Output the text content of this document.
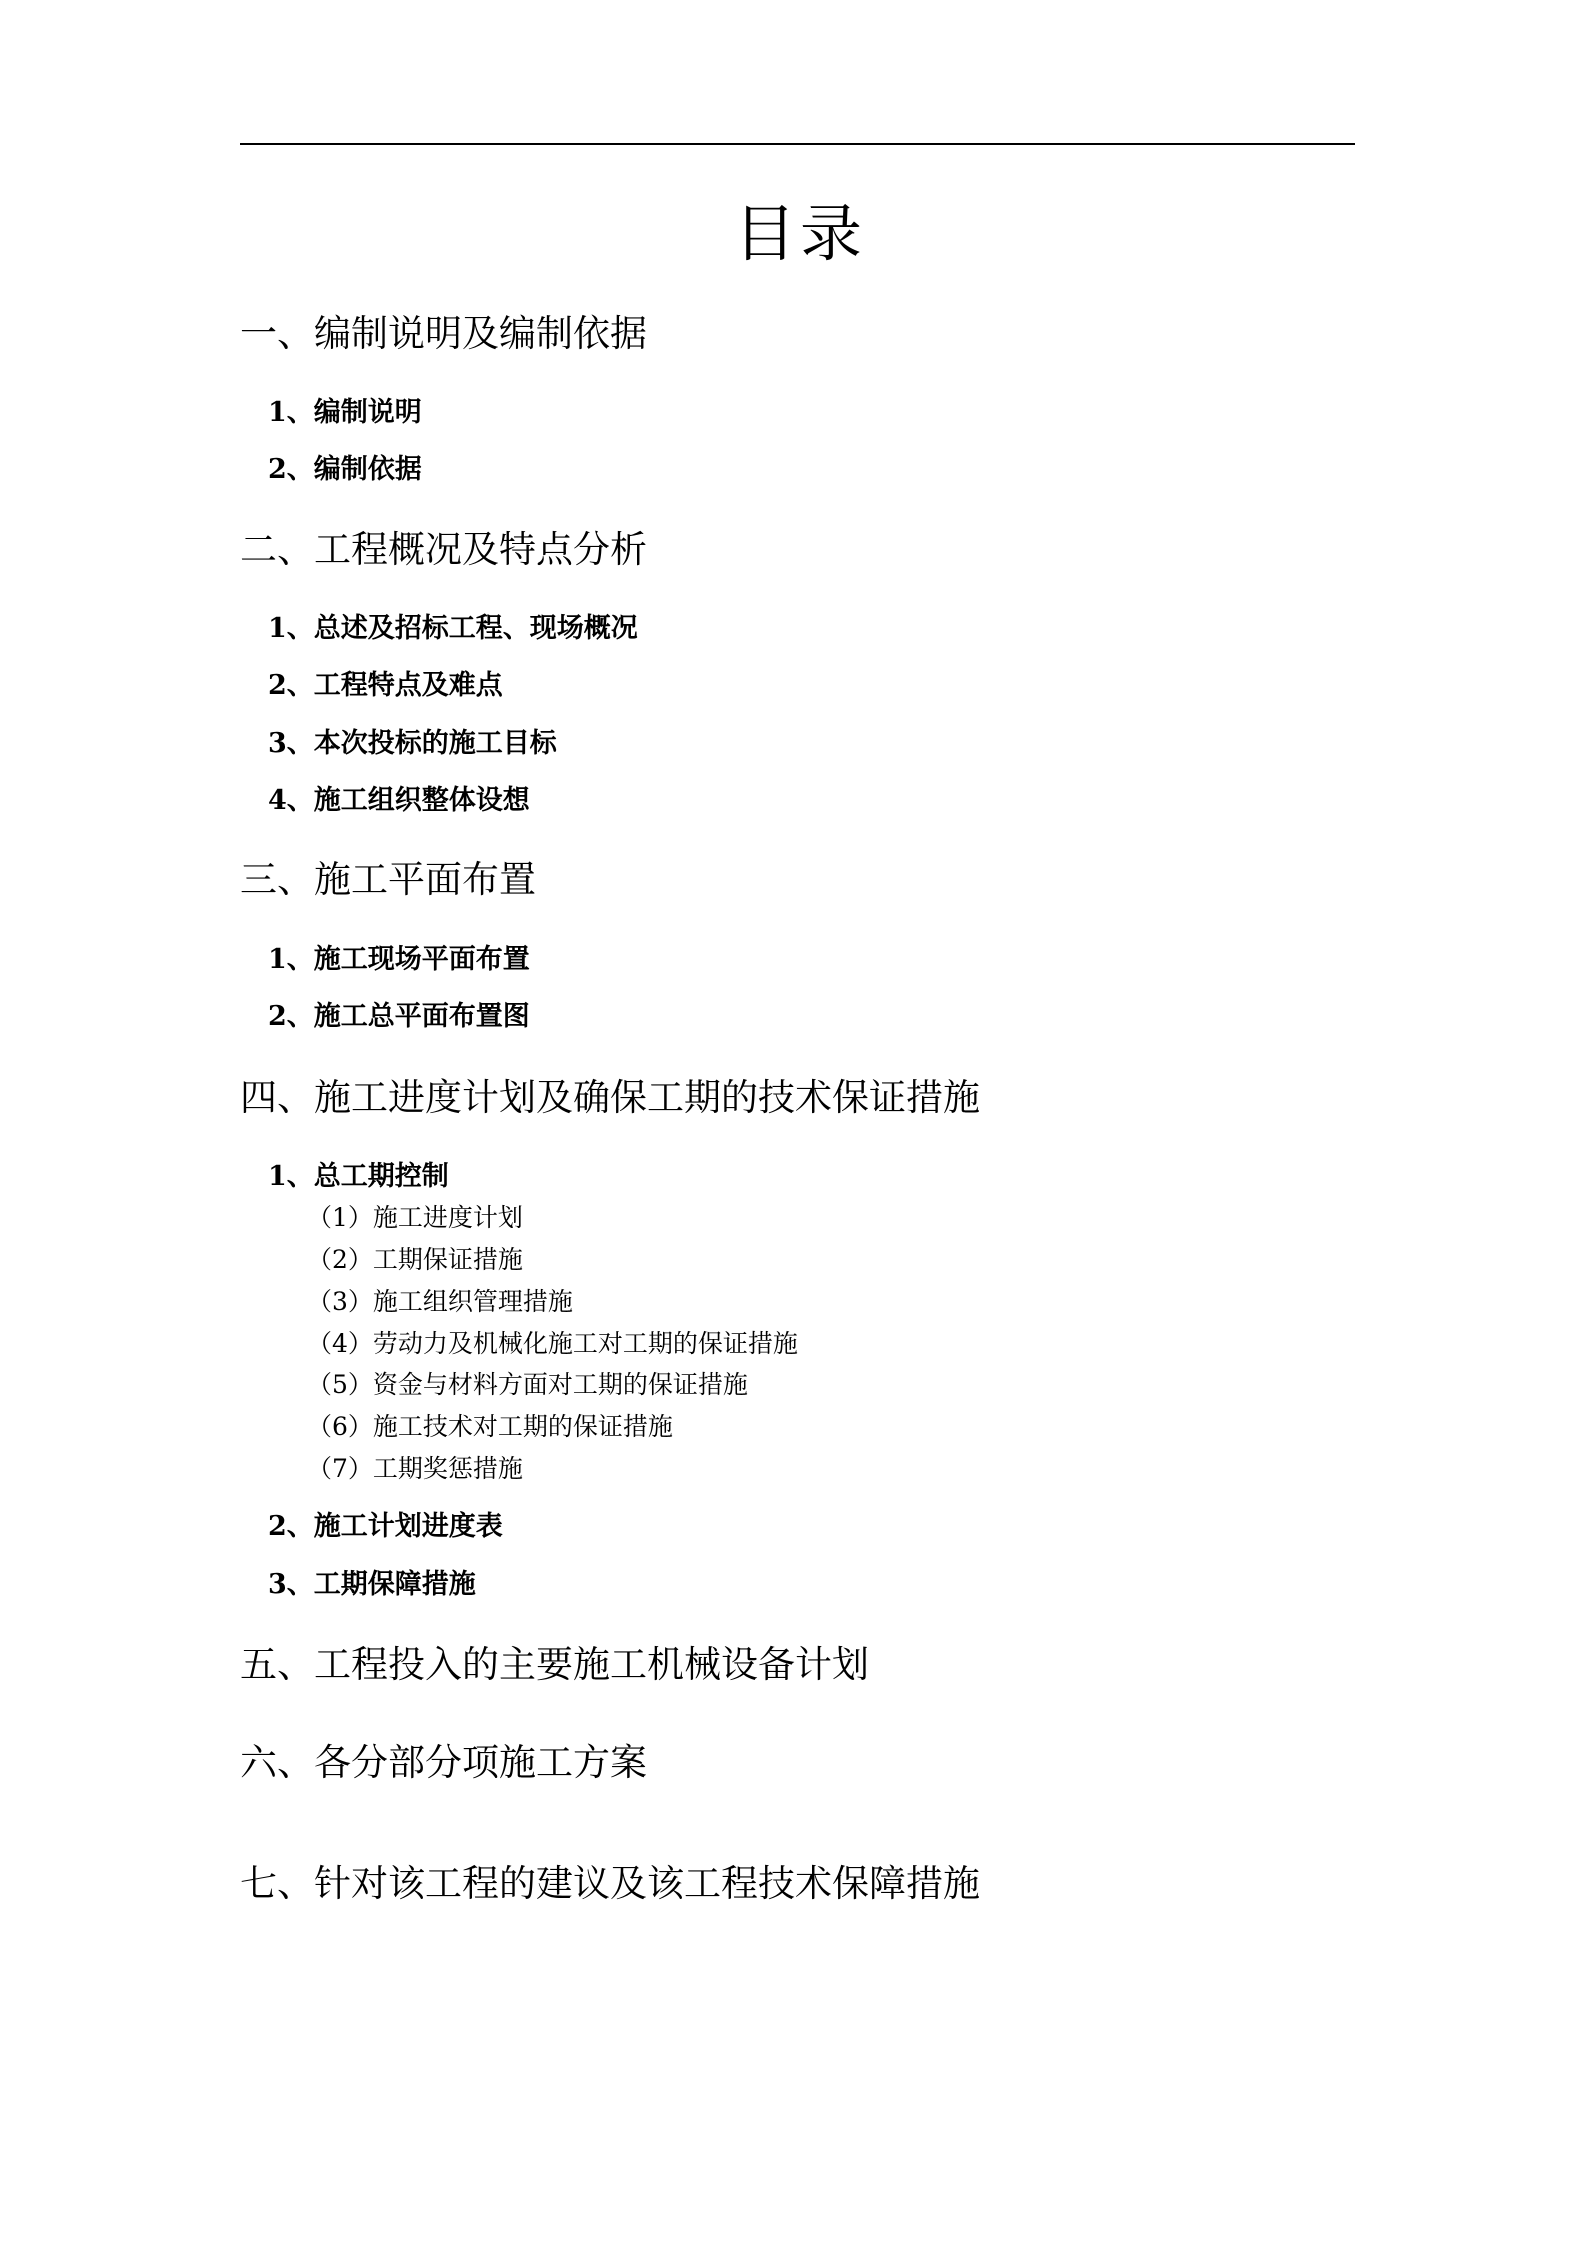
目录
一、编制说明及编制依据
1、编制说明
2、编制依据
二、工程概况及特点分析
1、总述及招标工程、现场概况
2、工程特点及难点
3、本次投标的施工目标
4、施工组织整体设想
三、施工平面布置
1、施工现场平面布置
2、施工总平面布置图
四、施工进度计划及确保工期的技术保证措施
1、总工期控制
（1）施工进度计划
（2）工期保证措施
（3）施工组织管理措施
（4）劳动力及机械化施工对工期的保证措施
（5）资金与材料方面对工期的保证措施
（6）施工技术对工期的保证措施
（7）工期奖惩措施
2、施工计划进度表
3、工期保障措施
五、工程投入的主要施工机械设备计划
六、各分部分项施工方案
七、针对该工程的建议及该工程技术保障措施
